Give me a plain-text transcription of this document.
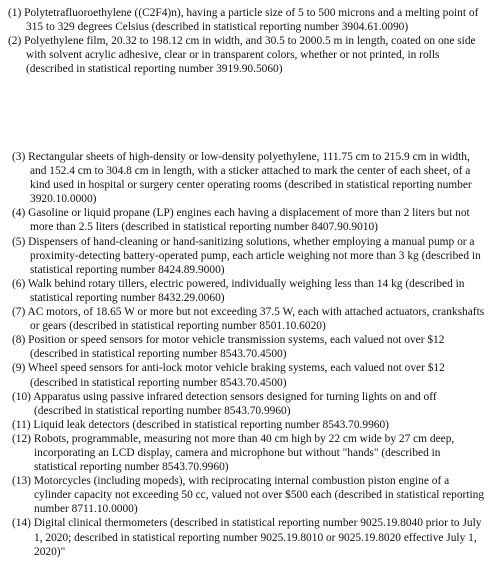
(1) Polytetrafluoroethylene ((C2F4)n), having a particle size of 5 to 500 microns and a melting point of 315 to 329 degrees Celsius (described in statistical reporting number 3904.61.0090)

(2) Polyethylene film, 20.32 to 198.12 cm in width, and 30.5 to 2000.5 m in length, coated on one side with solvent acrylic adhesive, clear or in transparent colors, whether or not printed, in rolls (described in statistical reporting number 3919.90.5060)

(3) Rectangular sheets of high-density or low-density polyethylene, 111.75 cm to 215.9 cm in width, and 152.4 cm to 304.8 cm in length, with a sticker attached to mark the center of each sheet, of a kind used in hospital or surgery center operating rooms (described in statistical reporting number 3920.10.0000)

(4) Gasoline or liquid propane (LP) engines each having a displacement of more than 2 liters but not more than 2.5 liters (described in statistical reporting number 8407.90.9010)

(5) Dispensers of hand-cleaning or hand-sanitizing solutions, whether employing a manual pump or a proximity-detecting battery-operated pump, each article weighing not more than 3 kg (described in statistical reporting number 8424.89.9000)

(6) Walk behind rotary tillers, electric powered, individually weighing less than 14 kg (described in statistical reporting number 8432.29.0060)

(7) AC motors, of 18.65 W or more but not exceeding 37.5 W, each with attached actuators, crankshafts or gears (described in statistical reporting number 8501.10.6020)

(8) Position or speed sensors for motor vehicle transmission systems, each valued not over $12 (described in statistical reporting number 8543.70.4500)

(9) Wheel speed sensors for anti-lock motor vehicle braking systems, each valued not over $12 (described in statistical reporting number 8543.70.4500)

(10) Apparatus using passive infrared detection sensors designed for turning lights on and off (described in statistical reporting number 8543.70.9960)

(11) Liquid leak detectors (described in statistical reporting number 8543.70.9960)

(12) Robots, programmable, measuring not more than 40 cm high by 22 cm wide by 27 cm deep, incorporating an LCD display, camera and microphone but without "hands" (described in statistical reporting number 8543.70.9960)

(13) Motorcycles (including mopeds), with reciprocating internal combustion piston engine of a cylinder capacity not exceeding 50 cc, valued not over $500 each (described in statistical reporting number 8711.10.0000)

(14) Digital clinical thermometers (described in statistical reporting number 9025.19.8040 prior to July 1, 2020; described in statistical reporting number 9025.19.8010 or 9025.19.8020 effective July 1, 2020)"
